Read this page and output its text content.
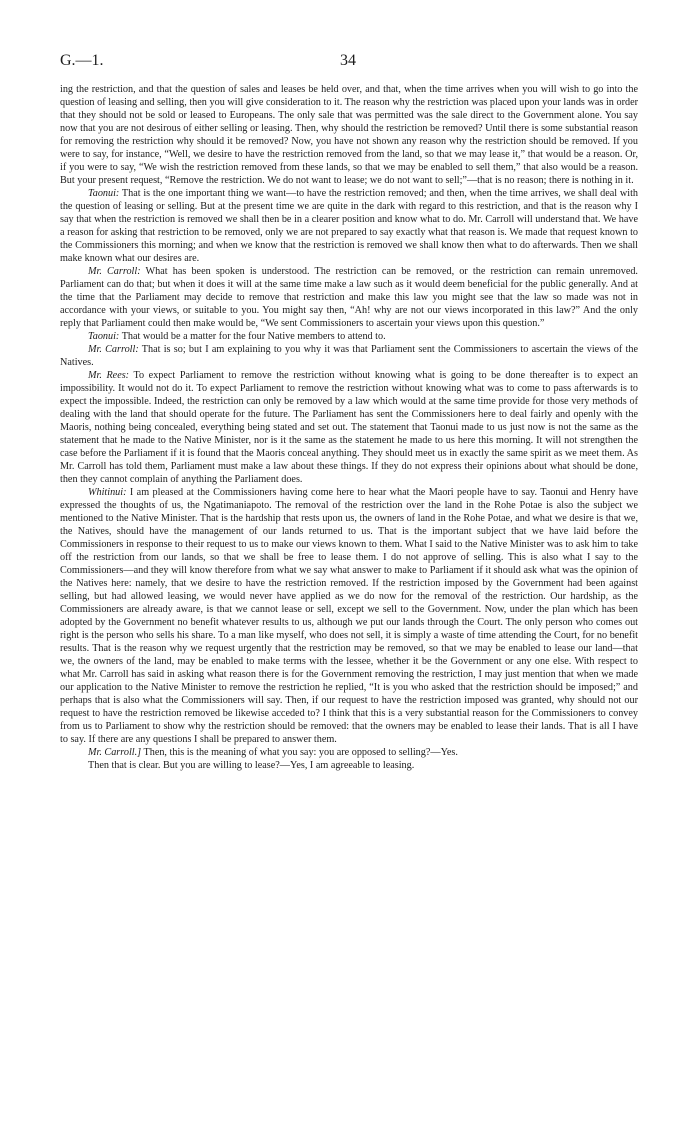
G.—1.	34

ing the restriction, and that the question of sales and leases be held over, and that, when the time arrives when you will wish to go into the question of leasing and selling, then you will give consideration to it. The reason why the restriction was placed upon your lands was in order that they should not be sold or leased to Europeans. The only sale that was permitted was the sale direct to the Government alone. You say now that you are not desirous of either selling or leasing. Then, why should the restriction be removed? Until there is some substantial reason for removing the restriction why should it be removed? Now, you have not shown any reason why the restriction should be removed. If you were to say, for instance, “Well, we desire to have the restriction removed from the land, so that we may lease it,” that would be a reason. Or, if you were to say, “We wish the restriction removed from these lands, so that we may be enabled to sell them,” that also would be a reason. But your present request, “Remove the restriction. We do not want to lease; we do not want to sell;”—that is no reason; there is nothing in it.

Taonui: That is the one important thing we want—to have the restriction removed; and then, when the time arrives, we shall deal with the question of leasing or selling. But at the present time we are quite in the dark with regard to this restriction, and that is the reason why I say that when the restriction is removed we shall then be in a clearer position and know what to do. Mr. Carroll will understand that. We have a reason for asking that restriction to be removed, only we are not prepared to say exactly what that reason is. We made that request known to the Commissioners this morning; and when we know that the restriction is removed we shall know then what to do afterwards. Then we shall make known what our desires are.

Mr. Carroll: What has been spoken is understood. The restriction can be removed, or the restriction can remain unremoved. Parliament can do that; but when it does it will at the same time make a law such as it would deem beneficial for the public generally. And at the time that the Parliament may decide to remove that restriction and make this law you might see that the law so made was not in accordance with your views, or suitable to you. You might say then, “Ah! why are not our views incorporated in this law?” And the only reply that Parliament could then make would be, “We sent Commissioners to ascertain your views upon this question.”

Taonui: That would be a matter for the four Native members to attend to.

Mr. Carroll: That is so; but I am explaining to you why it was that Parliament sent the Commissioners to ascertain the views of the Natives.

Mr. Rees: To expect Parliament to remove the restriction without knowing what is going to be done thereafter is to expect an impossibility. It would not do it. To expect Parliament to remove the restriction without knowing what was to come to pass afterwards is to expect the impossible. Indeed, the restriction can only be removed by a law which would at the same time provide for those very methods of dealing with the land that should operate for the future. The Parliament has sent the Commissioners here to deal fairly and openly with the Maoris, nothing being concealed, everything being stated and set out. The statement that Taonui made to us just now is not the same as the statement that he made to the Native Minister, nor is it the same as the statement he made to us here this morning. It will not strengthen the case before the Parliament if it is found that the Maoris conceal anything. They should meet us in exactly the same spirit as we meet them. As Mr. Carroll has told them, Parliament must make a law about these things. If they do not express their opinions about what should be done, then they cannot complain of anything the Parliament does.

Whitinui: I am pleased at the Commissioners having come here to hear what the Maori people have to say. Taonui and Henry have expressed the thoughts of us, the Ngatimaniapoto. The removal of the restriction over the land in the Rohe Potae is also the subject we mentioned to the Native Minister. That is the hardship that rests upon us, the owners of land in the Rohe Potae, and what we desire is that we, the Natives, should have the management of our lands returned to us. That is the important subject that we have laid before the Commissioners in response to their request to us to make our views known to them. What I said to the Native Minister was to ask him to take off the restriction from our lands, so that we shall be free to lease them. I do not approve of selling. This is also what I say to the Commissioners—and they will know therefore from what we say what answer to make to Parliament if it should ask what was the opinion of the Natives here: namely, that we desire to have the restriction removed. If the restriction imposed by the Government had been against selling, but had allowed leasing, we would never have applied as we do now for the removal of the restriction. Our hardship, as the Commissioners are already aware, is that we cannot lease or sell, except we sell to the Government. Now, under the plan which has been adopted by the Government no benefit whatever results to us, although we put our lands through the Court. The only person who comes out right is the person who sells his share. To a man like myself, who does not sell, it is simply a waste of time attending the Court, for no benefit results. That is the reason why we request urgently that the restriction may be removed, so that we may be enabled to lease our land—that we, the owners of the land, may be enabled to make terms with the lessee, whether it be the Government or any one else. With respect to what Mr. Carroll has said in asking what reason there is for the Government removing the restriction, I may just mention that when we made our application to the Native Minister to remove the restriction he replied, “It is you who asked that the restriction should be imposed;” and perhaps that is also what the Commissioners will say. Then, if our request to have the restriction imposed was granted, why should not our request to have the restriction removed be likewise acceded to? I think that this is a very substantial reason for the Commissioners to convey from us to Parliament to show why the restriction should be removed: that the owners may be enabled to lease their lands. That is all I have to say. If there are any questions I shall be prepared to answer them.

Mr. Carroll.] Then, this is the meaning of what you say: you are opposed to selling?—Yes.

Then that is clear. But you are willing to lease?—Yes, I am agreeable to leasing.
